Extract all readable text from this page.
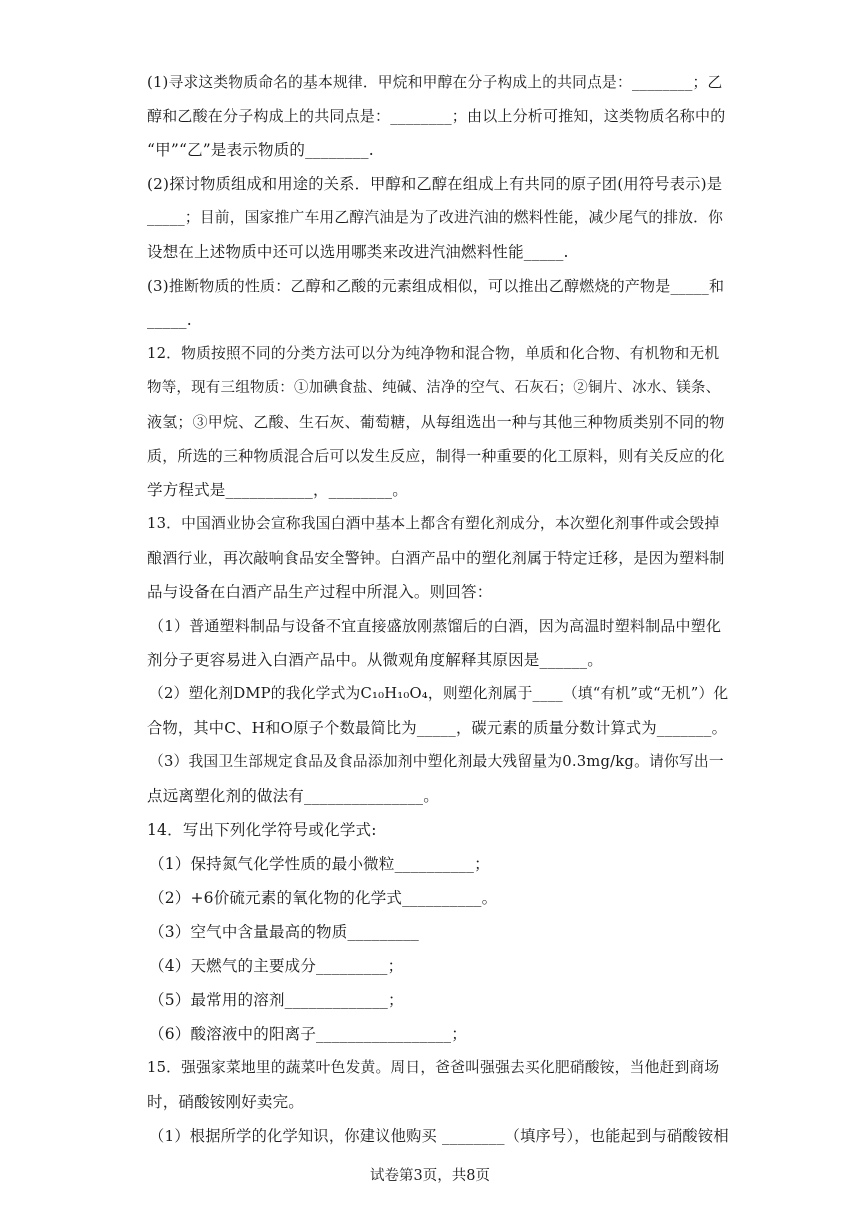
(1)寻求这类物质命名的基本规律．甲烷和甲醇在分子构成上的共同点是：________；乙
醇和乙酸在分子构成上的共同点是：________；由以上分析可推知，这类物质名称中的
“甲”“乙”是表示物质的________.
(2)探讨物质组成和用途的关系．甲醇和乙醇在组成上有共同的原子团(用符号表示)是
_____；目前，国家推广车用乙醇汽油是为了改进汽油的燃料性能，减少尾气的排放．你
设想在上述物质中还可以选用哪类来改进汽油燃料性能_____.
(3)推断物质的性质：乙醇和乙酸的元素组成相似，可以推出乙醇燃烧的产物是_____和
_____.
12．物质按照不同的分类方法可以分为纯净物和混合物，单质和化合物、有机物和无机
物等，现有三组物质：①加碘食盐、纯碱、洁净的空气、石灰石；②铜片、冰水、镁条、
液氢；③甲烷、乙酸、生石灰、葡萄糖，从每组选出一种与其他三种物质类别不同的物
质，所选的三种物质混合后可以发生反应，制得一种重要的化工原料，则有关反应的化
学方程式是___________，________。
13．中国酒业协会宣称我国白酒中基本上都含有塑化剂成分，本次塑化剂事件或会毁掉
酿酒行业，再次敲响食品安全警钟。白酒产品中的塑化剂属于特定迁移，是因为塑料制
品与设备在白酒产品生产过程中所混入。则回答：
（1）普通塑料制品与设备不宜直接盛放刚蒸馏后的白酒，因为高温时塑料制品中塑化
剂分子更容易进入白酒产品中。从微观角度解释其原因是______。
（2）塑化剂DMP的我化学式为C₁₀H₁₀O₄，则塑化剂属于____（填“有机”或“无机”）化
合物，其中C、H和O原子个数最简比为_____，碳元素的质量分数计算式为_______。
（3）我国卫生部规定食品及食品添加剂中塑化剂最大残留量为0.3mg/kg。请你写出一
点远离塑化剂的做法有_______________。
14．写出下列化学符号或化学式:
（1）保持氮气化学性质的最小微粒__________；
（2）+6价硫元素的氧化物的化学式__________。
（3）空气中含量最高的物质_________
（4）天燃气的主要成分_________；
（5）最常用的溶剂_____________；
（6）酸溶液中的阳离子_________________；
15．强强家菜地里的蔬菜叶色发黄。周日，爸爸叫强强去买化肥硝酸铵，当他赶到商场
时，硝酸铵刚好卖完。
（1）根据所学的化学知识，你建议他购买 ________（填序号），也能起到与硝酸铵相
试卷第3页，共8页
